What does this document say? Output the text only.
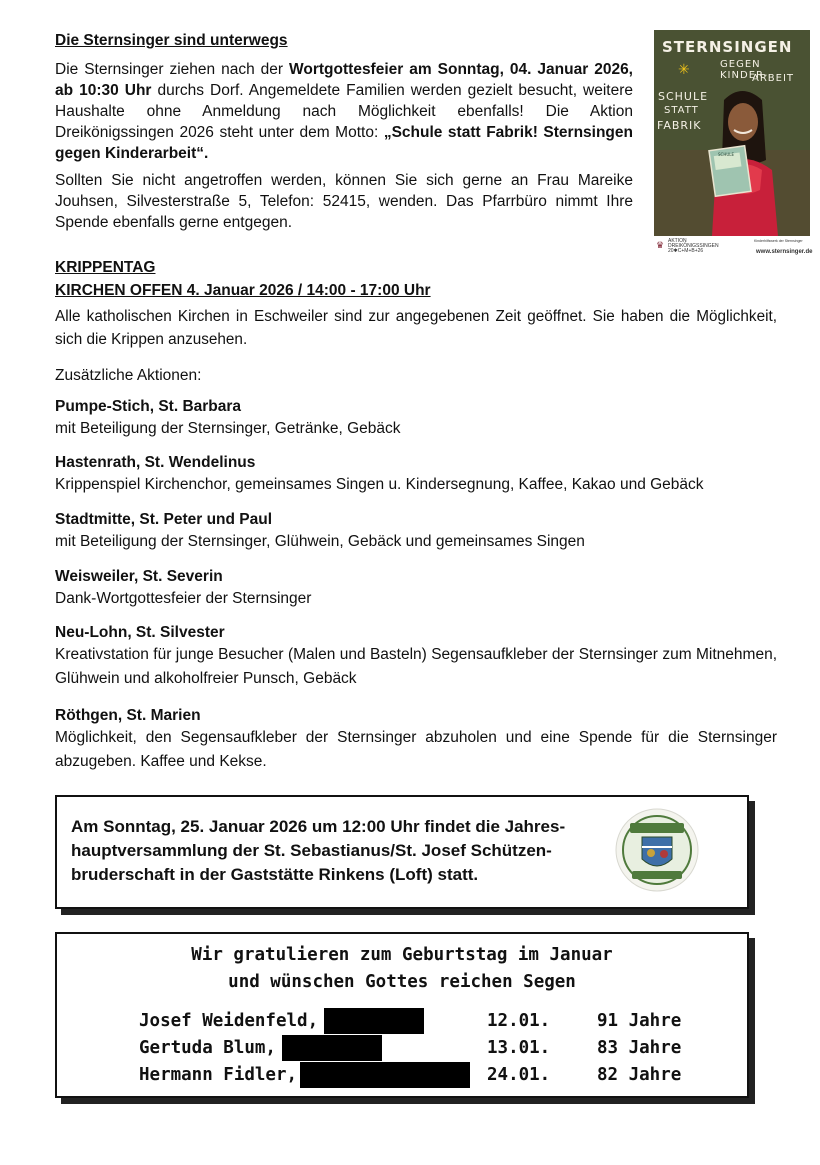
Die Sternsinger sind unterwegs

Die Sternsinger ziehen nach der Wortgottesfeier am Sonntag, 04. Januar 2026, ab 10:30 Uhr durchs Dorf. Angemeldete Familien werden gezielt besucht, weitere Haushalte ohne Anmeldung nach Möglichkeit ebenfalls! Die Aktion Dreikönigssingen 2026 steht unter dem Motto: „Schule statt Fabrik! Sternsingen gegen Kinderarbeit“.

Sollten Sie nicht angetroffen werden, können Sie sich gerne an Frau Mareike Jouhsen, Silvesterstraße 5, Telefon: 52415, wenden. Das Pfarrbüro nimmt Ihre Spende ebenfalls gerne entgegen.

STERNSINGEN
GEGEN KINDER-
ARBEIT
✳
SCHULE
STATT
FABRIK
SCHULE
♛ AKTION
DREIKÖNIGSSINGEN
20✱C+M+B+26
Kinderhilfswerk der Sternsinger
www.sternsinger.de
KRIPPENTAG
KIRCHEN OFFEN 4. Januar 2026 / 14:00 - 17:00 Uhr

Alle katholischen Kirchen in Eschweiler sind zur angegebenen Zeit geöffnet. Sie haben die Möglichkeit, sich die Krippen anzusehen.

Zusätzliche Aktionen:

Pumpe-Stich, St. Barbara
mit Beteiligung der Sternsinger, Getränke, Gebäck
Hastenrath, St. Wendelinus
Krippenspiel Kirchenchor, gemeinsames Singen u. Kindersegnung, Kaffee, Kakao und Gebäck
Stadtmitte, St. Peter und Paul
mit Beteiligung der Sternsinger, Glühwein, Gebäck und gemeinsames Singen
Weisweiler, St. Severin
Dank-Wortgottesfeier der Sternsinger
Neu-Lohn, St. Silvester
Kreativstation für junge Besucher (Malen und Basteln) Segensaufkleber der Sternsinger zum Mitnehmen, Glühwein und alkoholfreier Punsch, Gebäck
Röthgen, St. Marien
Möglichkeit, den Segensaufkleber der Sternsinger abzuholen und eine Spende für die Sternsinger abzugeben. Kaffee und Kekse.

Am Sonntag, 25. Januar 2026 um 12:00 Uhr findet die Jahres-hauptversammlung der St. Sebastianus/St. Josef Schützen-bruderschaft in der Gaststätte Rinkens (Loft) statt.

Wir gratulieren zum Geburtstag im Januar
und wünschen Gottes reichen Segen
Josef Weidenfeld,	12.01.	91 Jahre
Gertuda Blum,	13.01.	83 Jahre
Hermann Fidler,	24.01.	82 Jahre
